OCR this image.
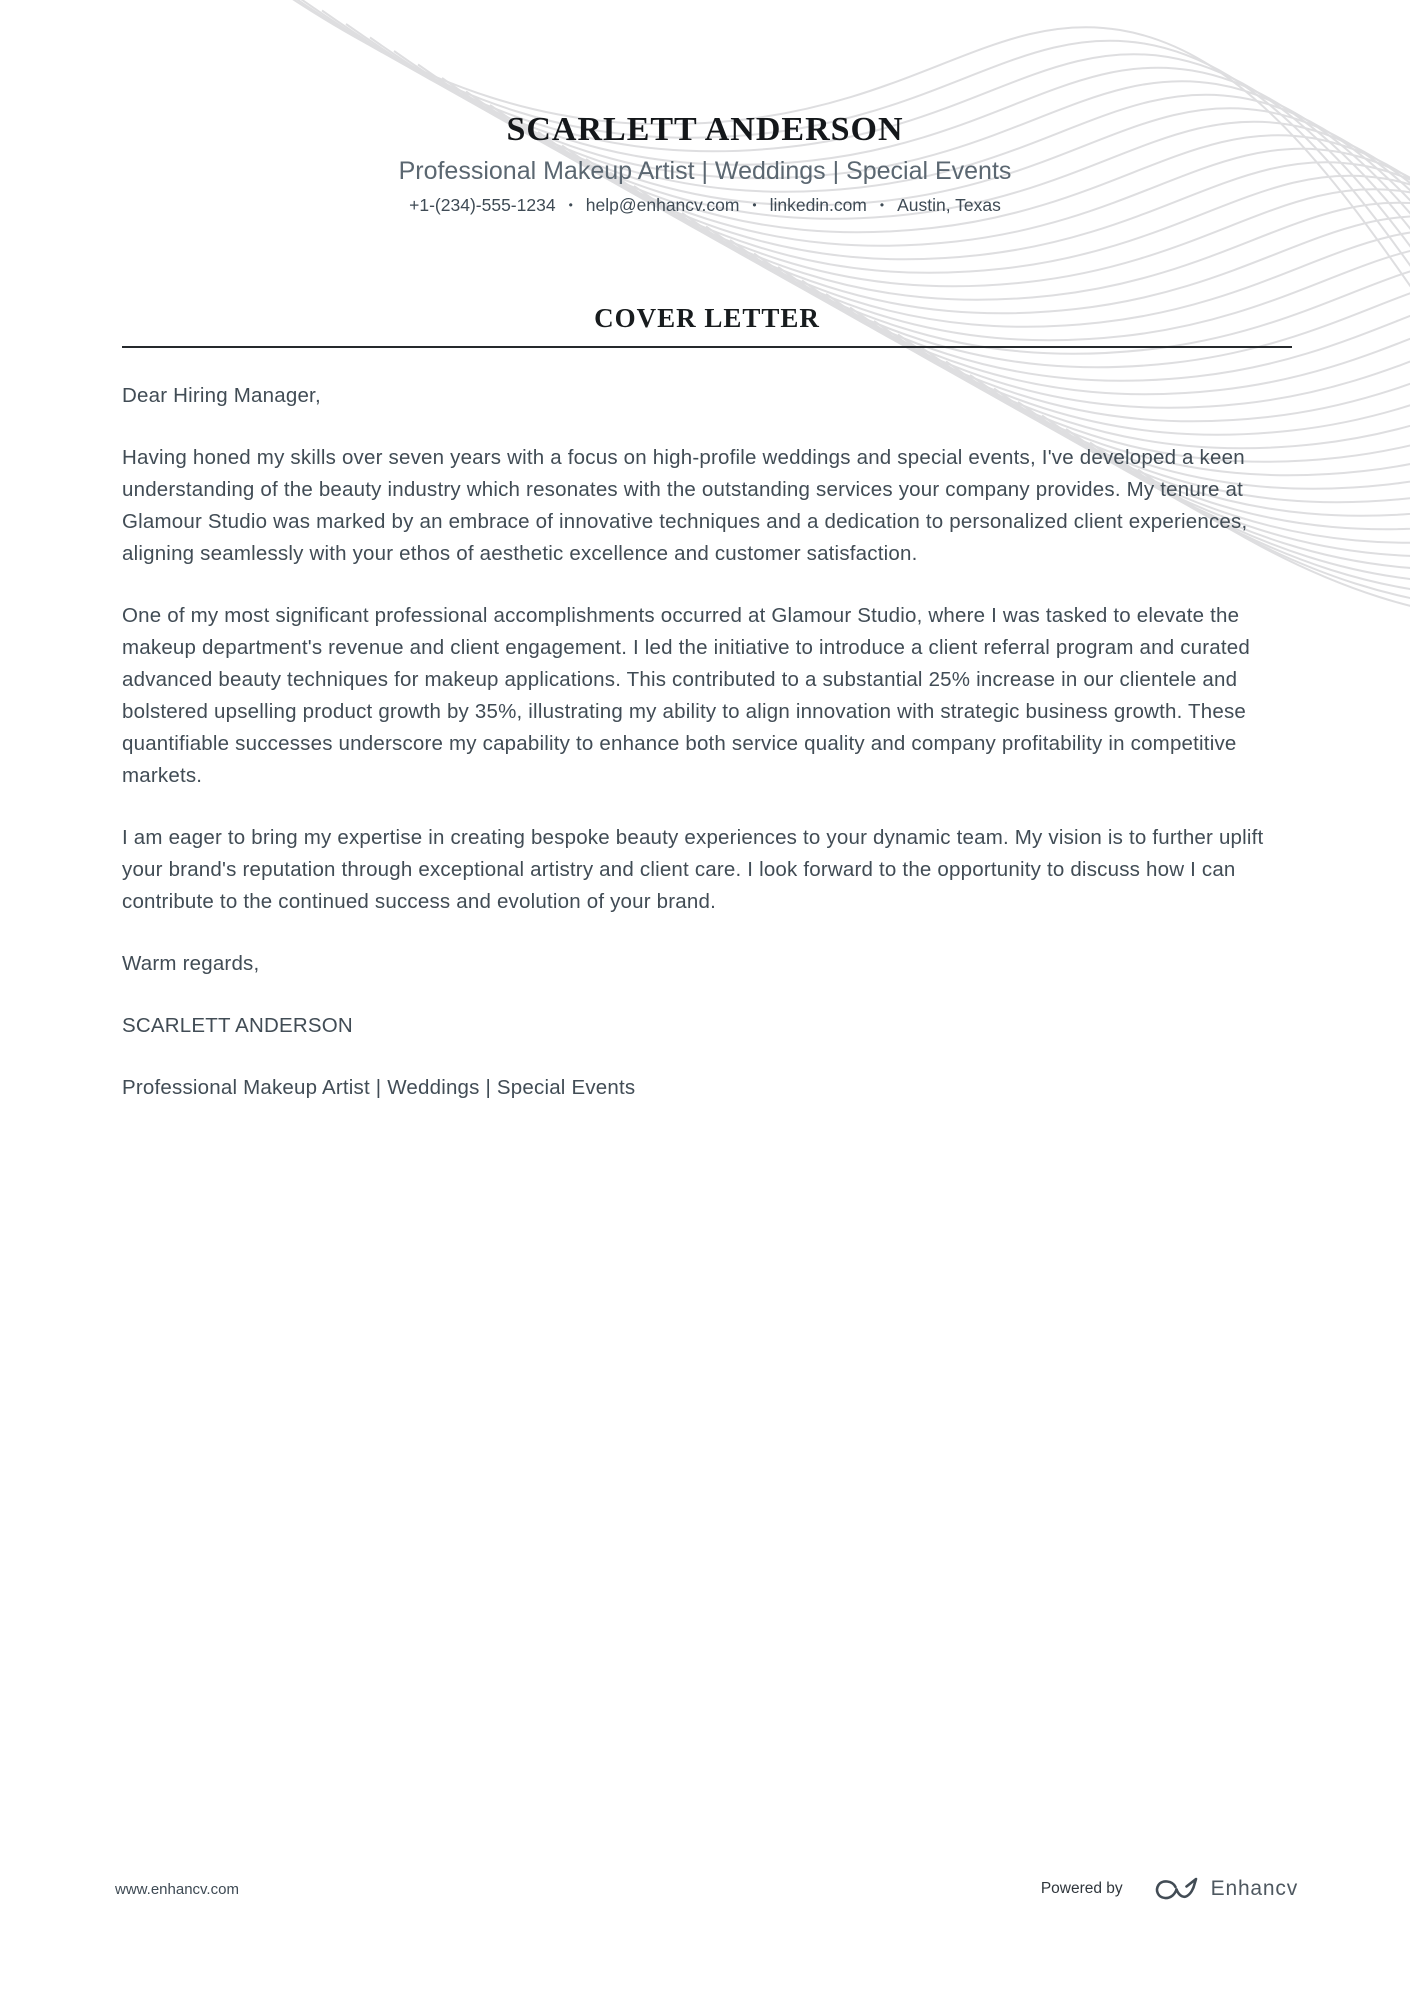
SCARLETT ANDERSON
Professional Makeup Artist | Weddings | Special Events
+1-(234)-555-1234 • help@enhancv.com • linkedin.com • Austin, Texas
COVER LETTER

Dear Hiring Manager,

Having honed my skills over seven years with a focus on high-profile weddings and special events, I've developed a keen understanding of the beauty industry which resonates with the outstanding services your company provides. My tenure at Glamour Studio was marked by an embrace of innovative techniques and a dedication to personalized client experiences, aligning seamlessly with your ethos of aesthetic excellence and customer satisfaction.

One of my most significant professional accomplishments occurred at Glamour Studio, where I was tasked to elevate the makeup department's revenue and client engagement. I led the initiative to introduce a client referral program and curated advanced beauty techniques for makeup applications. This contributed to a substantial 25% increase in our clientele and bolstered upselling product growth by 35%, illustrating my ability to align innovation with strategic business growth. These quantifiable successes underscore my capability to enhance both service quality and company profitability in competitive markets.

I am eager to bring my expertise in creating bespoke beauty experiences to your dynamic team. My vision is to further uplift your brand's reputation through exceptional artistry and client care. I look forward to the opportunity to discuss how I can contribute to the continued success and evolution of your brand.

Warm regards,

SCARLETT ANDERSON

Professional Makeup Artist | Weddings | Special Events

www.enhancv.com	Powered by	Enhancv
